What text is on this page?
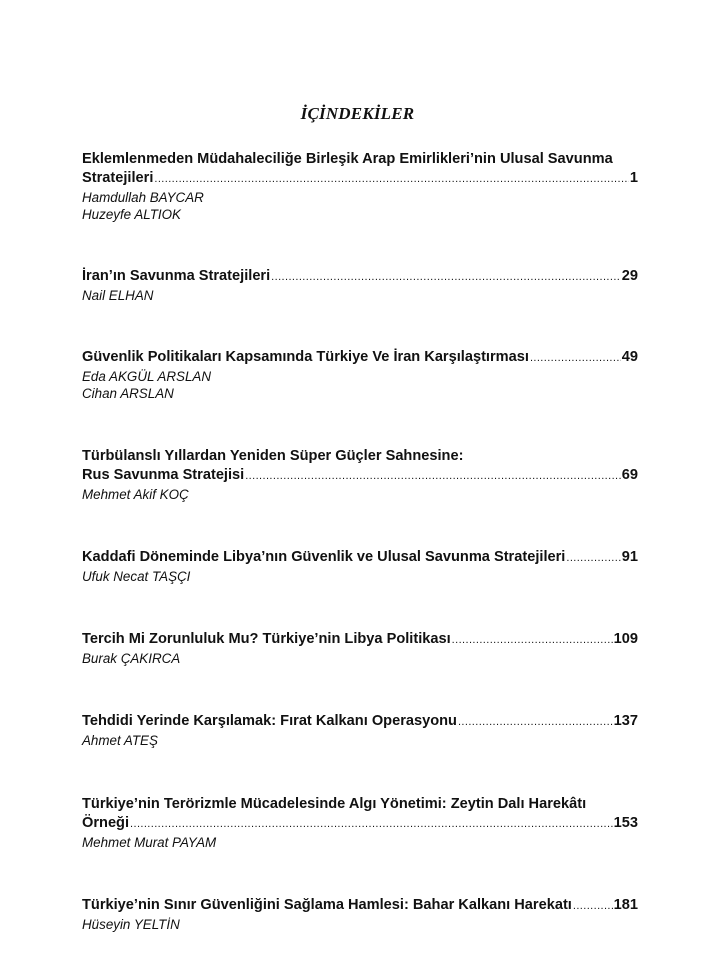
İÇİNDEKİLER
Eklemlenmeden Müdahaleciliğe Birleşik Arap Emirlikleri’nin Ulusal Savunma
Stratejileri .....	1
Hamdullah BAYCAR
Huzeyfe ALTIOK
İran’ın Savunma Stratejileri .....	29
Nail ELHAN
Güvenlik Politikaları Kapsamında Türkiye Ve İran Karşılaştırması .....	49
Eda AKGÜL ARSLAN
Cihan ARSLAN
Türbülanslı Yıllardan Yeniden Süper Güçler Sahnesine:
Rus Savunma Stratejisi .....	69
Mehmet Akif KOÇ
Kaddafi Döneminde Libya’nın Güvenlik ve Ulusal Savunma Stratejileri .....	91
Ufuk Necat TAŞÇI
Tercih Mi Zorunluluk Mu? Türkiye’nin Libya Politikası .....	109
Burak ÇAKIRCA
Tehdidi Yerinde Karşılamak: Fırat Kalkanı Operasyonu .....	137
Ahmet ATEŞ
Türkiye’nin Terörizmle Mücadelesinde Algı Yönetimi: Zeytin Dalı Harekâtı
Örneği .....	153
Mehmet Murat PAYAM
Türkiye’nin Sınır Güvenliğini Sağlama Hamlesi: Bahar Kalkanı Harekatı .....	181
Hüseyin YELTİN
